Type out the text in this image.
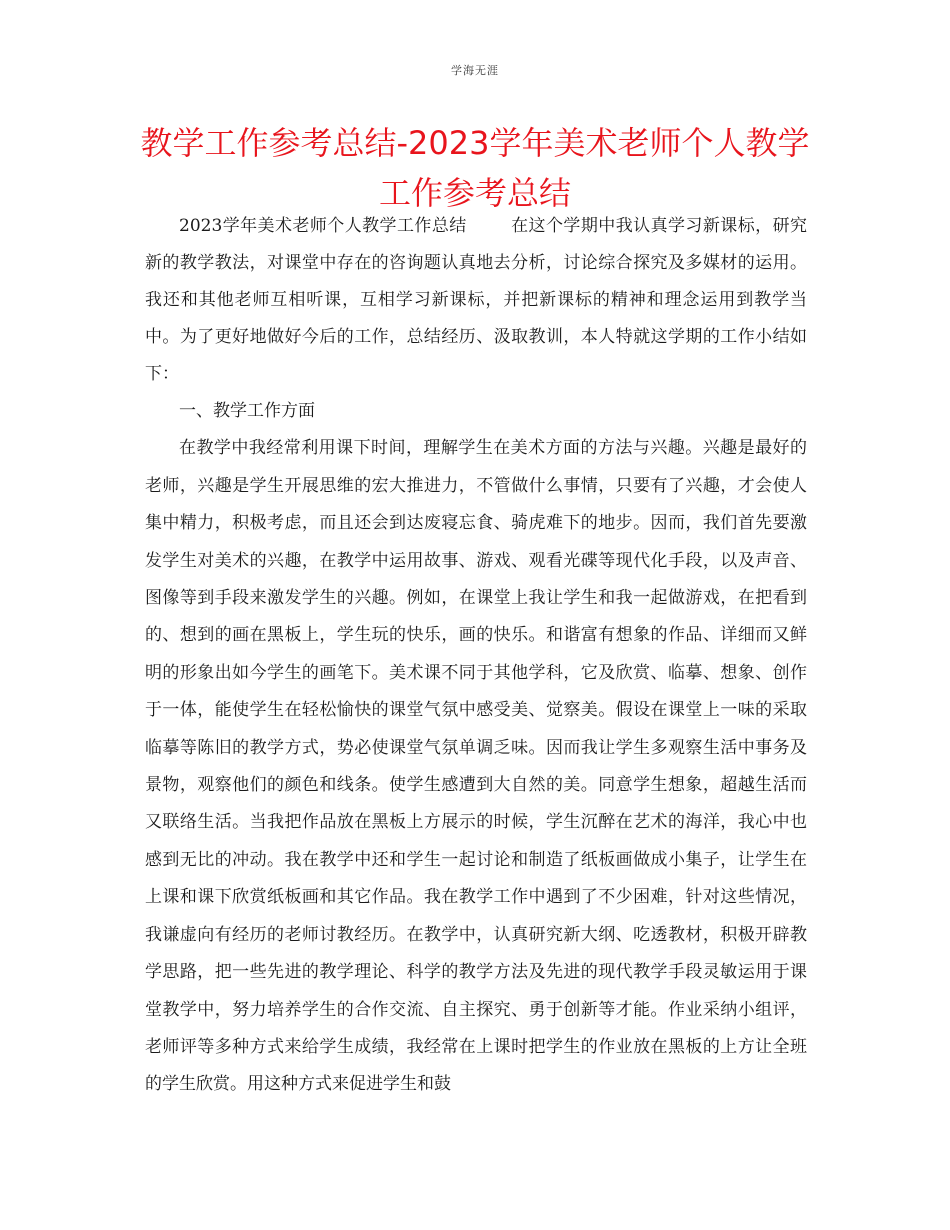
学海无涯
教学工作参考总结-2023学年美术老师个人教学工作参考总结

2023学年美术老师个人教学工作总结	在这个学期中我认真学习新课标，研究新的教学教法，对课堂中存在的咨询题认真地去分析，讨论综合探究及多媒材的运用。我还和其他老师互相听课，互相学习新课标，并把新课标的精神和理念运用到教学当中。为了更好地做好今后的工作，总结经历、汲取教训，本人特就这学期的工作小结如下：

一、教学工作方面

在教学中我经常利用课下时间，理解学生在美术方面的方法与兴趣。兴趣是最好的老师，兴趣是学生开展思维的宏大推进力，不管做什么事情，只要有了兴趣，才会使人集中精力，积极考虑，而且还会到达废寝忘食、骑虎难下的地步。因而，我们首先要激发学生对美术的兴趣，在教学中运用故事、游戏、观看光碟等现代化手段，以及声音、图像等到手段来激发学生的兴趣。例如，在课堂上我让学生和我一起做游戏，在把看到的、想到的画在黑板上，学生玩的快乐，画的快乐。和谐富有想象的作品、详细而又鲜明的形象出如今学生的画笔下。美术课不同于其他学科，它及欣赏、临摹、想象、创作于一体，能使学生在轻松愉快的课堂气氛中感受美、觉察美。假设在课堂上一味的采取临摹等陈旧的教学方式，势必使课堂气氛单调乏味。因而我让学生多观察生活中事务及景物，观察他们的颜色和线条。使学生感遭到大自然的美。同意学生想象，超越生活而又联络生活。当我把作品放在黑板上方展示的时候，学生沉醉在艺术的海洋，我心中也感到无比的冲动。我在教学中还和学生一起讨论和制造了纸板画做成小集子，让学生在上课和课下欣赏纸板画和其它作品。我在教学工作中遇到了不少困难，针对这些情况，我谦虚向有经历的老师讨教经历。在教学中，认真研究新大纲、吃透教材，积极开辟教学思路，把一些先进的教学理论、科学的教学方法及先进的现代教学手段灵敏运用于课堂教学中，努力培养学生的合作交流、自主探究、勇于创新等才能。作业采纳小组评，老师评等多种方式来给学生成绩，我经常在上课时把学生的作业放在黑板的上方让全班的学生欣赏。用这种方式来促进学生和鼓
